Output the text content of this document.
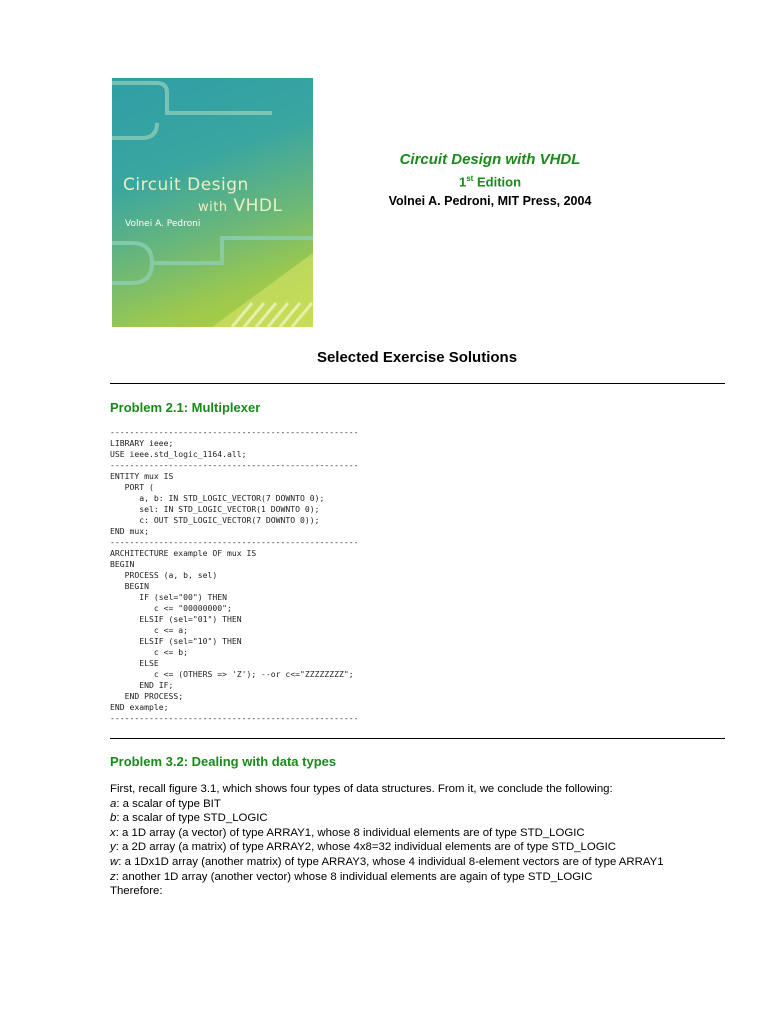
Circuit Design
with VHDL
Volnei A. Pedroni
Circuit Design with VHDL
1st Edition
Volnei A. Pedroni, MIT Press, 2004
Selected Exercise Solutions
Problem 2.1: Multiplexer
---------------------------------------------------
LIBRARY ieee;
USE ieee.std_logic_1164.all;
---------------------------------------------------
ENTITY mux IS
PORT (
a, b: IN STD_LOGIC_VECTOR(7 DOWNTO 0);
sel: IN STD_LOGIC_VECTOR(1 DOWNTO 0);
c: OUT STD_LOGIC_VECTOR(7 DOWNTO 0));
END mux;
---------------------------------------------------
ARCHITECTURE example OF mux IS
BEGIN
PROCESS (a, b, sel)
BEGIN
IF (sel="00") THEN
c <= "00000000";
ELSIF (sel="01") THEN
c <= a;
ELSIF (sel="10") THEN
c <= b;
ELSE
c <= (OTHERS => 'Z'); --or c<="ZZZZZZZZ";
END IF;
END PROCESS;
END example;
---------------------------------------------------

Problem 3.2: Dealing with data types
First, recall figure 3.1, which shows four types of data structures. From it, we conclude the following:
a: a scalar of type BIT
b: a scalar of type STD_LOGIC
x: a 1D array (a vector) of type ARRAY1, whose 8 individual elements are of type STD_LOGIC
y: a 2D array (a matrix) of type ARRAY2, whose 4x8=32 individual elements are of type STD_LOGIC
w: a 1Dx1D array (another matrix) of type ARRAY3, whose 4 individual 8-element vectors are of type ARRAY1
z: another 1D array (another vector) whose 8 individual elements are again of type STD_LOGIC
Therefore:
